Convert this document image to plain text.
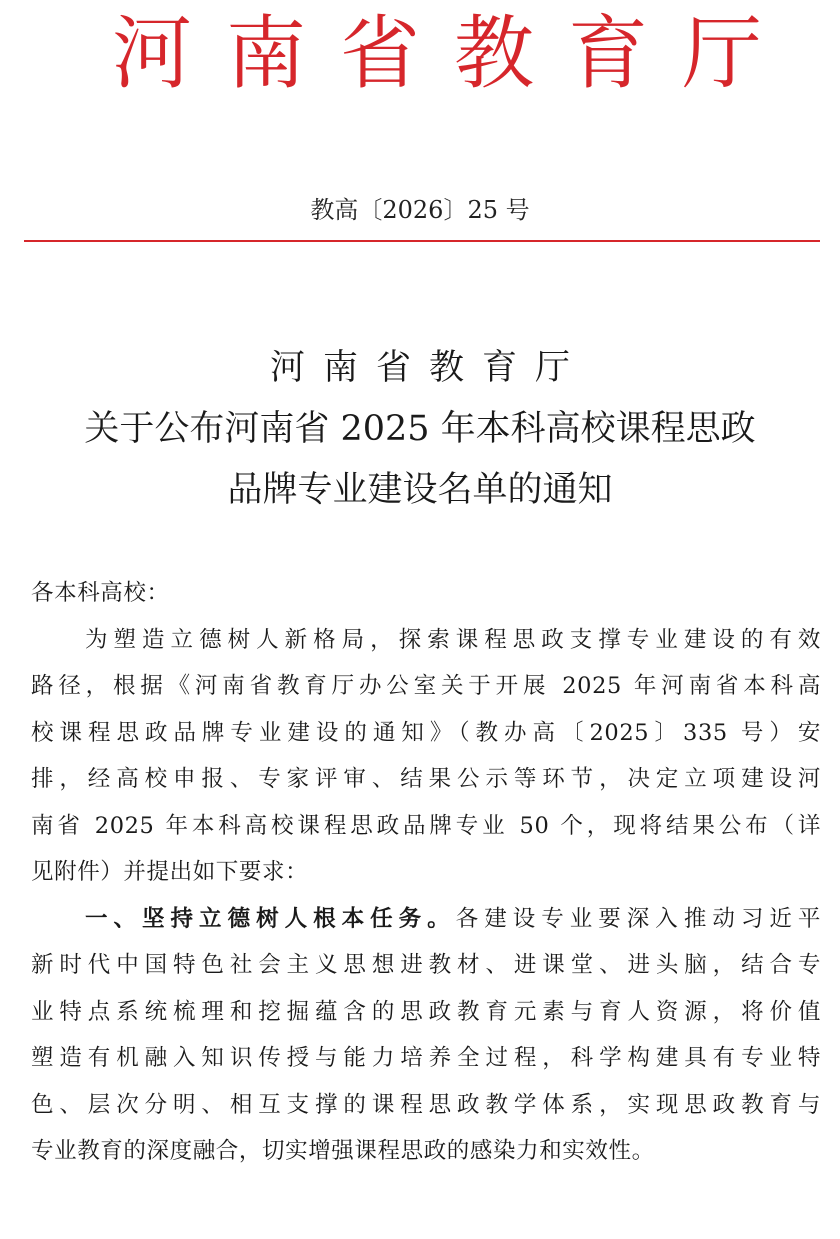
河南省教育厅
教高〔2026〕25 号
河南省教育厅
关于公布河南省 2025 年本科高校课程思政
品牌专业建设名单的通知
各本科高校：
为塑造立德树人新格局，探索课程思政支撑专业建设的有效
路径，根据《河南省教育厅办公室关于开展 2025 年河南省本科高
校课程思政品牌专业建设的通知》（教办高〔2025〕335 号）安
排，经高校申报、专家评审、结果公示等环节，决定立项建设河
南省 2025 年本科高校课程思政品牌专业 50 个，现将结果公布（详
见附件）并提出如下要求：
一、坚持立德树人根本任务。各建设专业要深入推动习近平
新时代中国特色社会主义思想进教材、进课堂、进头脑，结合专
业特点系统梳理和挖掘蕴含的思政教育元素与育人资源，将价值
塑造有机融入知识传授与能力培养全过程，科学构建具有专业特
色、层次分明、相互支撑的课程思政教学体系，实现思政教育与
专业教育的深度融合，切实增强课程思政的感染力和实效性。
